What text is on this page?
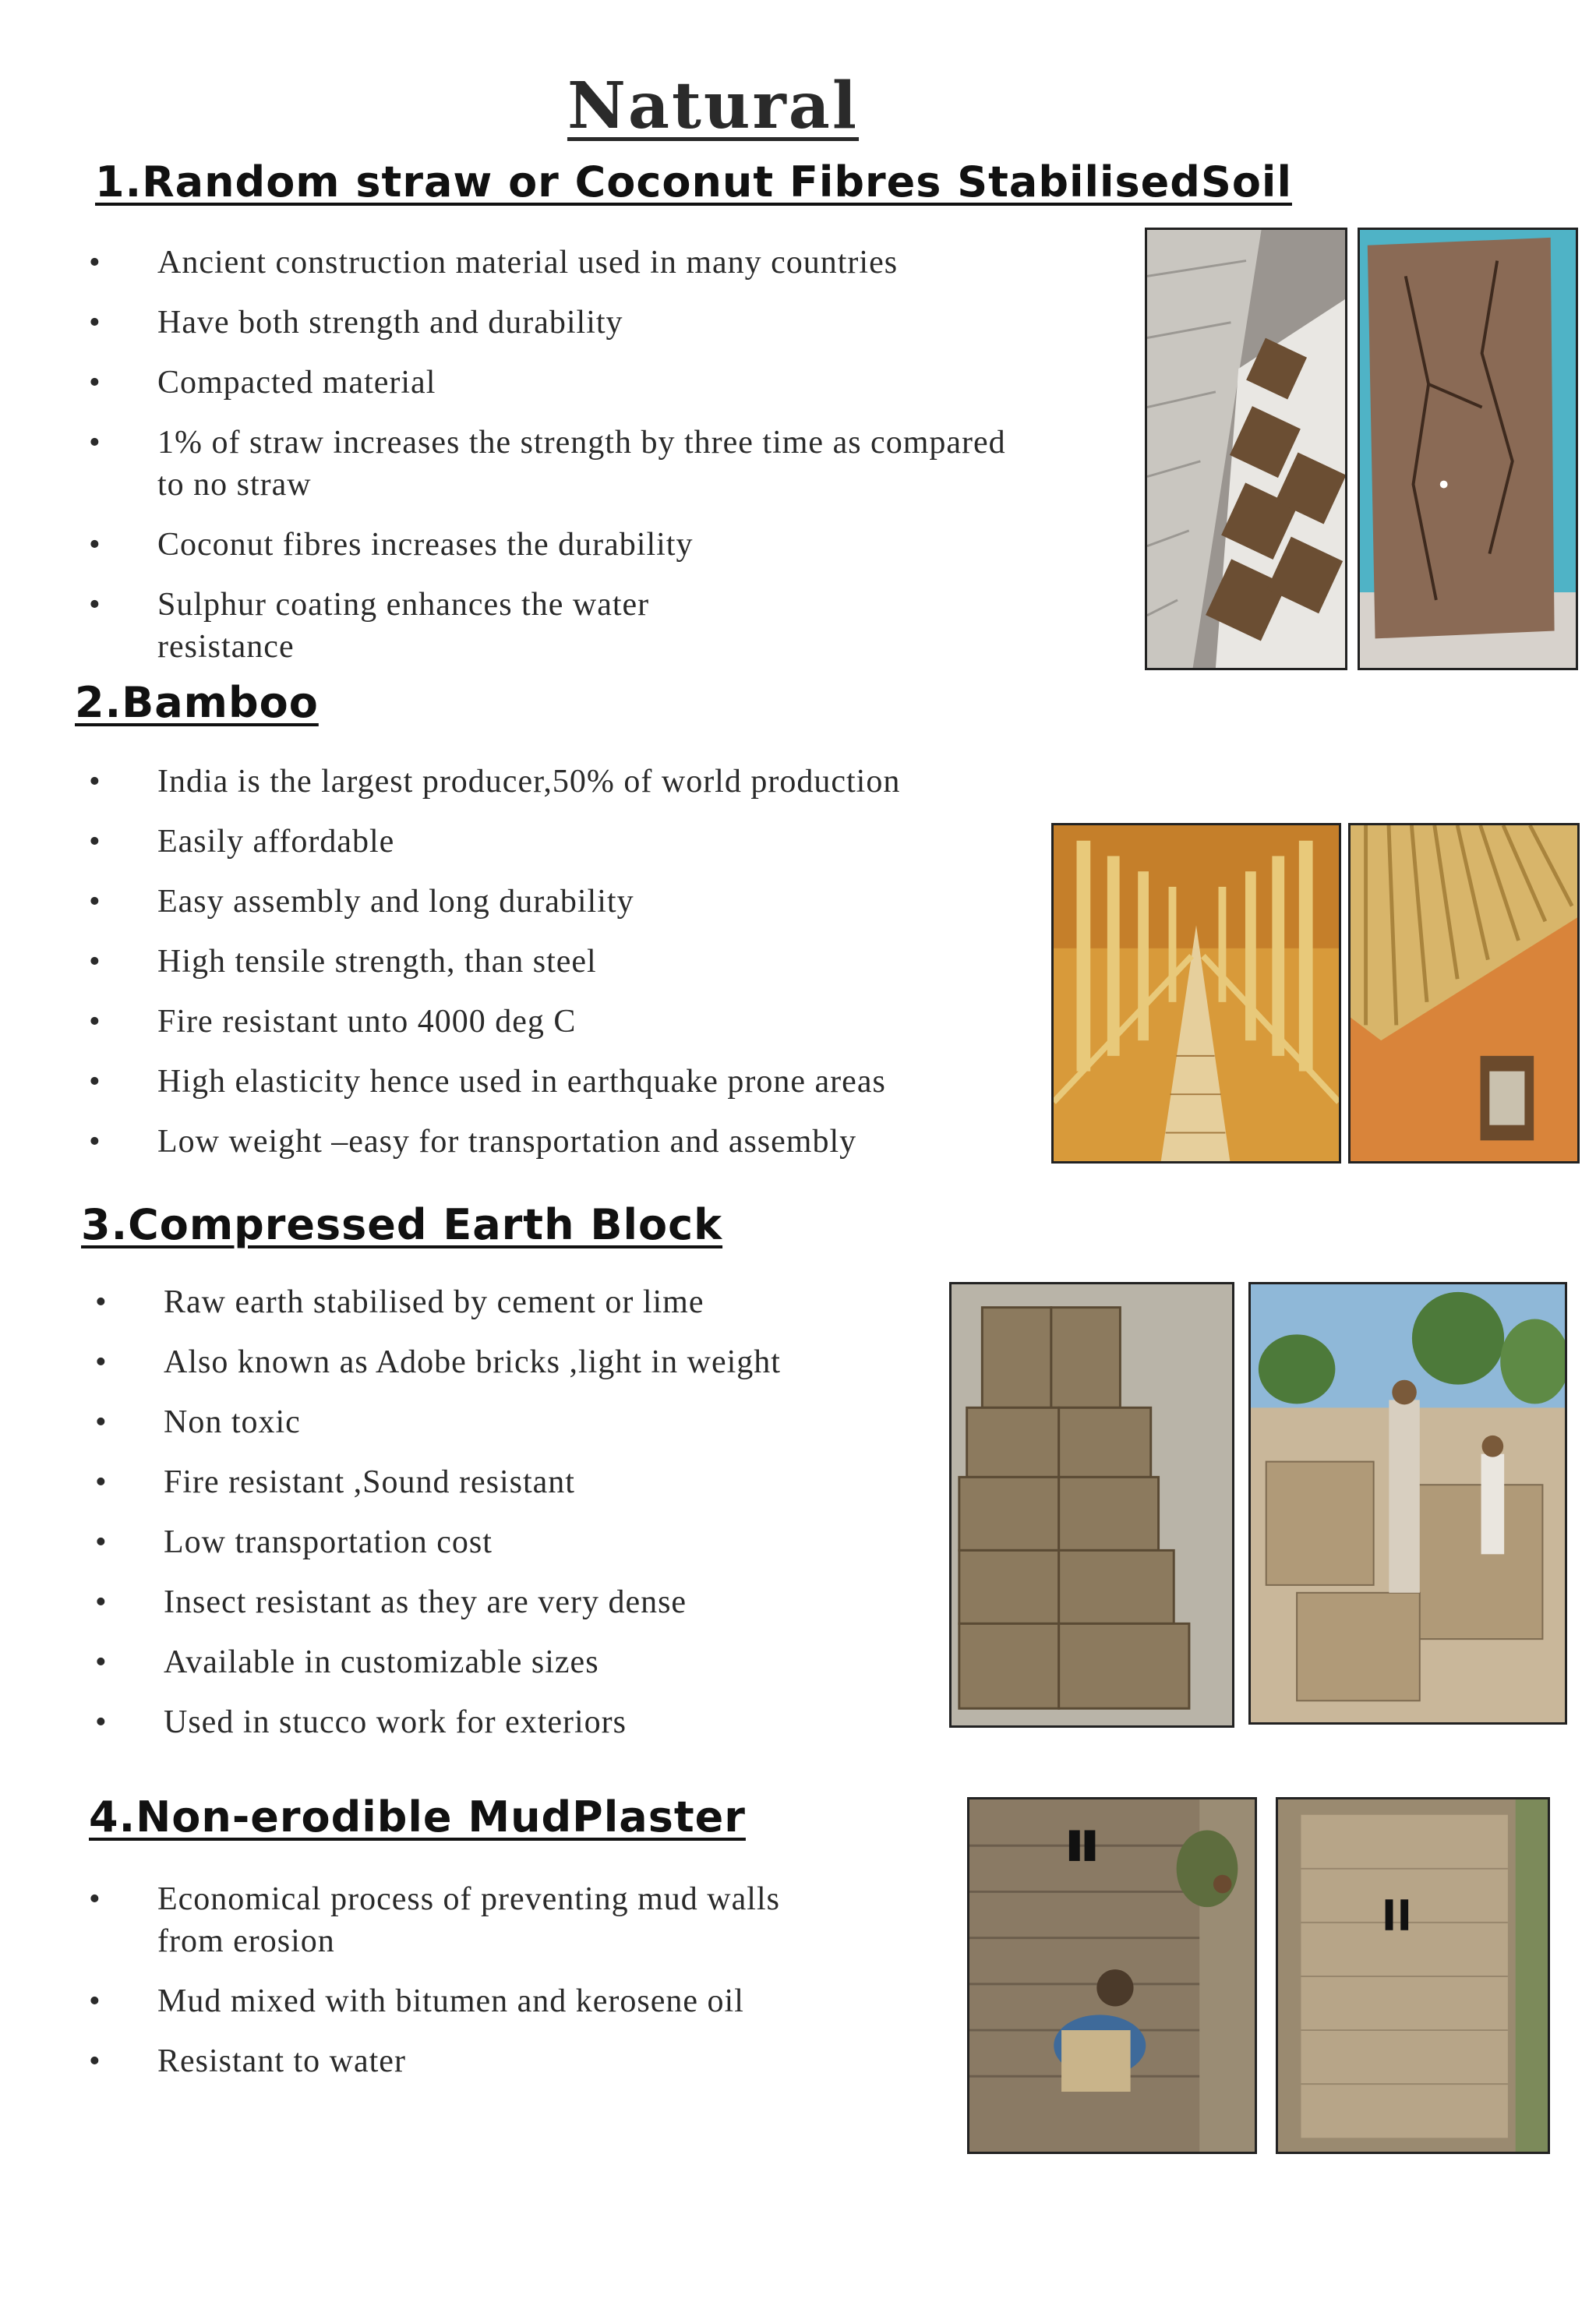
Natural
1.Random straw or Coconut Fibres StabilisedSoil
• Ancient construction material used in many countries
• Have both strength and durability
• Compacted material
• 1% of straw increases the strength by three time as compared
to no straw
• Coconut fibres increases the durability
• Sulphur coating enhances the water
resistance
2.Bamboo
• India is the largest producer,50% of world production
• Easily affordable
• Easy assembly and long durability
• High tensile strength, than steel
• Fire resistant unto 4000 deg C
• High elasticity hence used in earthquake prone areas
• Low weight –easy for transportation and assembly
3.Compressed Earth Block
• Raw earth stabilised by cement or lime
• Also known as Adobe bricks ,light in weight
• Non toxic
• Fire resistant ,Sound resistant
• Low transportation cost
• Insect resistant as they are very dense
• Available in customizable sizes
• Used in stucco work for exteriors
4.Non-erodible MudPlaster
• Economical process of preventing mud walls
from erosion
• Mud mixed with bitumen and kerosene oil
• Resistant to water
